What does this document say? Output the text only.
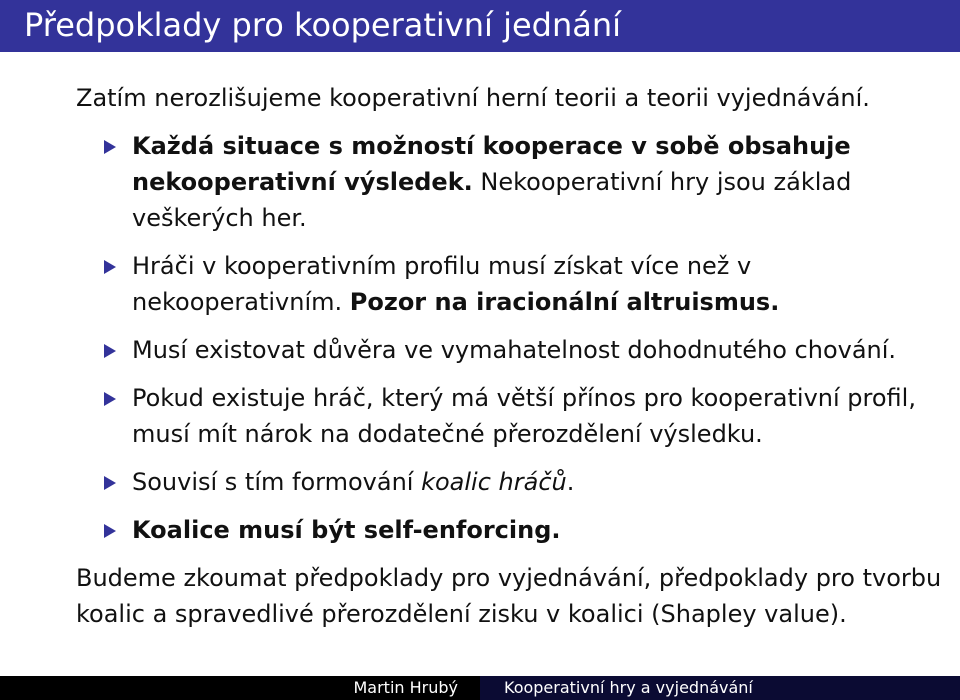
Předpoklady pro kooperativní jednání

Zatím nerozlišujeme kooperativní herní teorii a teorii vyjednávání.

Každá situace s možností kooperace v sobě obsahuje nekooperativní výsledek. Nekooperativní hry jsou základ veškerých her.
Hráči v kooperativním profilu musí získat více než v nekooperativním. Pozor na iracionální altruismus.
Musí existovat důvěra ve vymahatelnost dohodnutého chování.
Pokud existuje hráč, který má větší přínos pro kooperativní profil, musí mít nárok na dodatečné přerozdělení výsledku.
Souvisí s tím formování koalic hráčů.
Koalice musí být self-enforcing.

Budeme zkoumat předpoklady pro vyjednávání, předpoklady pro tvorbu koalic a spravedlivé přerozdělení zisku v koalici (Shapley value).

Martin Hrubý	Kooperativní hry a vyjednávání
